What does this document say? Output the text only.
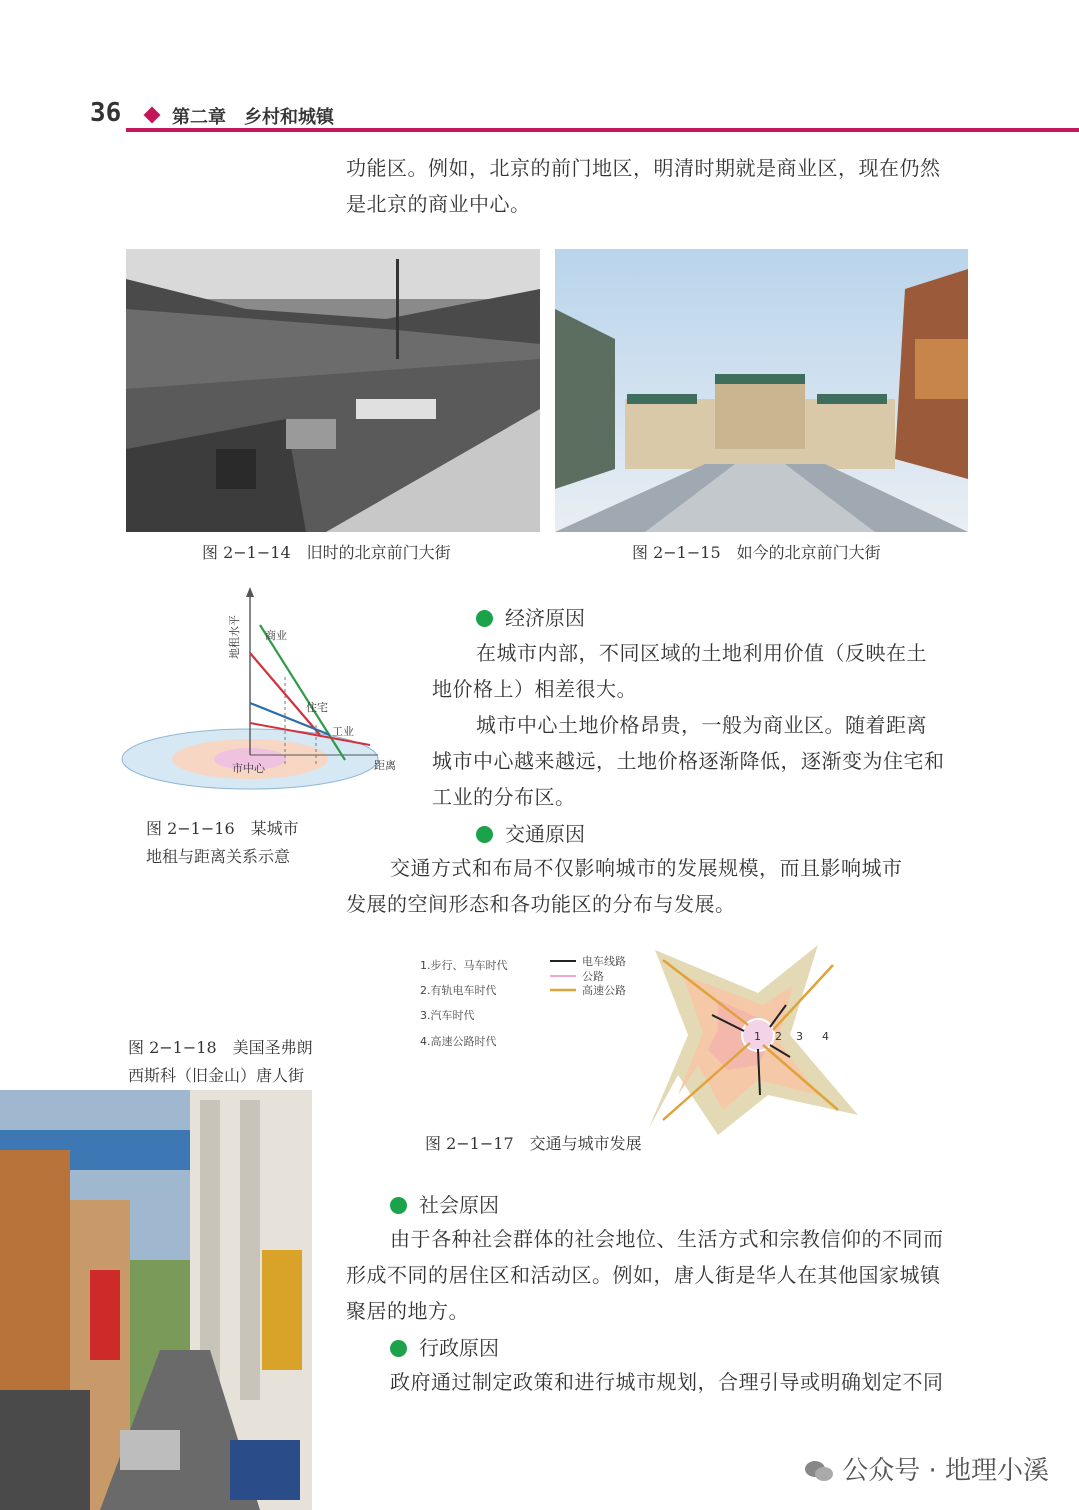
36	第二章　乡村和城镇
功能区。例如，北京的前门地区，明清时期就是商业区，现在仍然
是北京的商业中心。
图 2−1−14　旧时的北京前门大街	图 2−1−15　如今的北京前门大街
地租水平 商业
住宅
工业
市中心	距离
图 2−1−16　某城市
地租与距离关系示意
经济原因
在城市内部，不同区域的土地利用价值（反映在土
地价格上）相差很大。
城市中心土地价格昂贵，一般为商业区。随着距离
城市中心越来越远，土地价格逐渐降低，逐渐变为住宅和
工业的分布区。
交通原因
交通方式和布局不仅影响城市的发展规模，而且影响城市
发展的空间形态和各功能区的分布与发展。
1.步行、马车时代
2.有轨电车时代
3.汽车时代
4.高速公路时代
电车线路
公路
高速公路
1 2 3 4
图 2−1−17　交通与城市发展
图 2−1−18　美国圣弗朗
西斯科（旧金山）唐人街
社会原因
由于各种社会群体的社会地位、生活方式和宗教信仰的不同而
形成不同的居住区和活动区。例如，唐人街是华人在其他国家城镇
聚居的地方。
行政原因
政府通过制定政策和进行城市规划，合理引导或明确划定不同
公众号 · 地理小溪
